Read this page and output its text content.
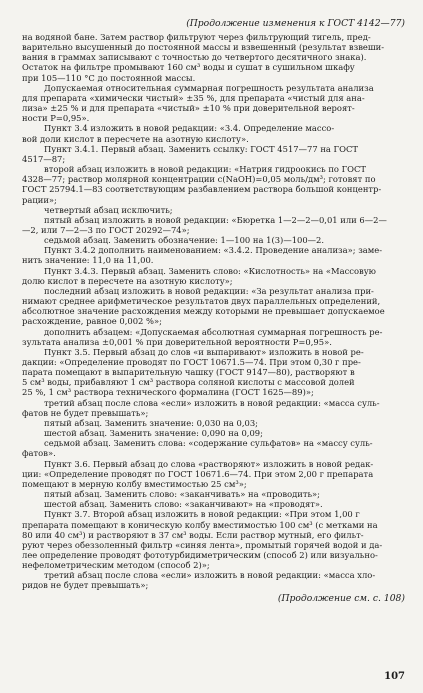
(Продолжение изменения к ГОСТ 4142—77)
на водяной бане. Затем раствор фильтруют через фильтрующий тигель, пред-
варительно высушенный до постоянной массы и взвешенный (результат взвеши-
вания в граммах записывают с точностью до четвертого десятичного знака).
Остаток на фильтре промывают 160 см³ воды и сушат в сушильном шкафу
при 105—110 °С до постоянной массы.
Допускаемая относительная суммарная погрешность результата анализа
для препарата «химически чистый» ±35 %, для препарата «чистый для ана-
лиза» ±25 % и для препарата «чистый» ±10 % при доверительной вероят-
ности P=0,95».
Пункт 3.4 изложить в новой редакции: «3.4. Определение массо-
вой доли кислот в пересчете на азотную кислоту».
Пункт 3.4.1. Первый абзац. Заменить ссылку: ГОСТ 4517—77 на ГОСТ
4517—87;
второй абзац изложить в новой редакции: «Натрия гидроокись по ГОСТ
4328—77; раствор молярной концентрации c(NaOH)=0,05 моль/дм³; готовят по
ГОСТ 25794.1—83 соответствующим разбавлением раствора большой концентр-
рации»;
четвертый абзац исключить;
пятый абзац изложить в новой редакции: «Бюретка 1—2—2—0,01 или 6—2—
—2, или 7—2—3 по ГОСТ 20292—74»;
седьмой абзац. Заменить обозначение: 1—100 на 1(3)—100—2.
Пункт 3.4.2 дополнить наименованием: «3.4.2. Проведение анализа»; заме-
нить значение: 11,0 на 11,00.
Пункт 3.4.3. Первый абзац. Заменить слово: «Кислотность» на «Массовую
долю кислот в пересчете на азотную кислоту»;
последний абзац изложить в новой редакции: «За результат анализа при-
нимают среднее арифметическое результатов двух параллельных определений,
абсолютное значение расхождения между которыми не превышает допускаемое
расхождение, равное 0,002 %»;
дополнить абзацем: «Допускаемая абсолютная суммарная погрешность ре-
зультата анализа ±0,001 % при доверительной вероятности P=0,95».
Пункт 3.5. Первый абзац до слов «и выпаривают» изложить в новой ре-
дакции: «Определение проводят по ГОСТ 10671.5—74. При этом 0,30 г пре-
парата помещают в выпарительную чашку (ГОСТ 9147—80), растворяют в
5 см³ воды, прибавляют 1 см³ раствора соляной кислоты с массовой долей
25 %, 1 см³ раствора технического формалина (ГОСТ 1625—89)»;
третий абзац после слова «если» изложить в новой редакции: «масса суль-
фатов не будет превышать»;
пятый абзац. Заменить значение: 0,030 на 0,03;
шестой абзац. Заменить значение: 0,090 на 0,09;
седьмой абзац. Заменить слова: «содержание сульфатов» на «массу суль-
фатов».
Пункт 3.6. Первый абзац до слова «растворяют» изложить в новой редак-
ции: «Определение проводят по ГОСТ 10671.6—74. При этом 2,00 г препарата
помещают в мерную колбу вместимостью 25 см³»;
пятый абзац. Заменить слово: «заканчивать» на «проводить»;
шестой абзац. Заменить слово: «заканчивают» на «проводят».
Пункт 3.7. Второй абзац изложить в новой редакции: «При этом 1,00 г
препарата помещают в коническую колбу вместимостью 100 см³ (с метками на
80 или 40 см³) и растворяют в 37 см³ воды. Если раствор мутный, его фильт-
руют через обеззоленный фильтр «синяя лента», промытый горячей водой и да-
лее определение проводят фототурбидиметрическим (способ 2) или визуально-
нефелометрическим методом (способ 2)»;
третий абзац после слова «если» изложить в новой редакции: «масса хло-
ридов не будет превышать»;
(Продолжение см. с. 108)
107
